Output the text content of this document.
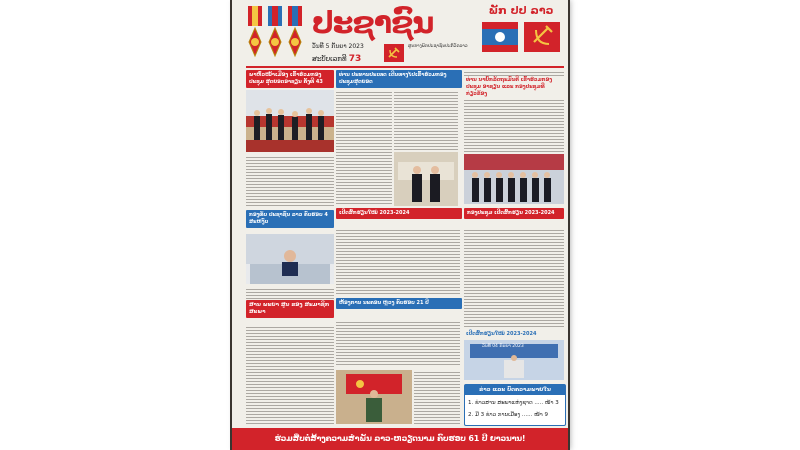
ປະຊາຊົນ
ວັນທີ 5 ກັນຍາ 2023
ສະບັບເລກທີ 73
ສູນກາງພັກປະຊາຊົນປະຕິວັດລາວ
ພັກ ປປ ລາວ
ພາຫົວໜ້າເມືອງ ເຂົ້າຮ່ວມກອງປະຊຸມ ສຸດຍອດອາຊຽນ ຄັ້ງທີ 43
ກອງທັບ ປະຊາຊົນ ລາວ ຄົບຮອບ 4 ສະຫງົບ
ສານ ພະຍາ ສູນ ຂອງ ສະມາຊິກ ສະພາ
ທ່ານ ປະທານປະເທດ ເດີນທາງໄປເຂົ້າຮ່ວມກອງປະຊຸມສຸດຍອດ
ເປີດສົກຮຽນໃໝ່ 2023-2024
ຫ້ອງການ ນະຄອນ ຫຼວງ ຄົບຮອບ 21 ປີ
ທ່ານ ນາຍົກລັດຖະມົນຕີ ເຂົ້າຮ່ວມກອງປະຊຸມ ອາຊຽນ ແລະ ກອງປະຊຸມທີ່ກ່ຽວຂ້ອງ
ກອງປະຊຸມ ເປີດສົກຮຽນ 2023-2024
ເປີດສົກຮຽນໃໝ່ 2023-2024
ວັນທີ 04 ກັນຍາ 2023
ຂ່າວ ແລະ ບົດຄວາມພາຍໃນ
1. ຂ່າວສານ ສະພາແຫ່ງຊາດ ..... ໜ້າ 3
2. ມີ 3 ຂ່າວ ການເມືອງ ...... ໜ້າ 9
ຮ່ວມສືບຕໍ່ສ້າງຄວາມສຳພັນ ລາວ-ຫວຽດນາມ ຄົບຮອບ 61 ປີ ຍາວນານ!
